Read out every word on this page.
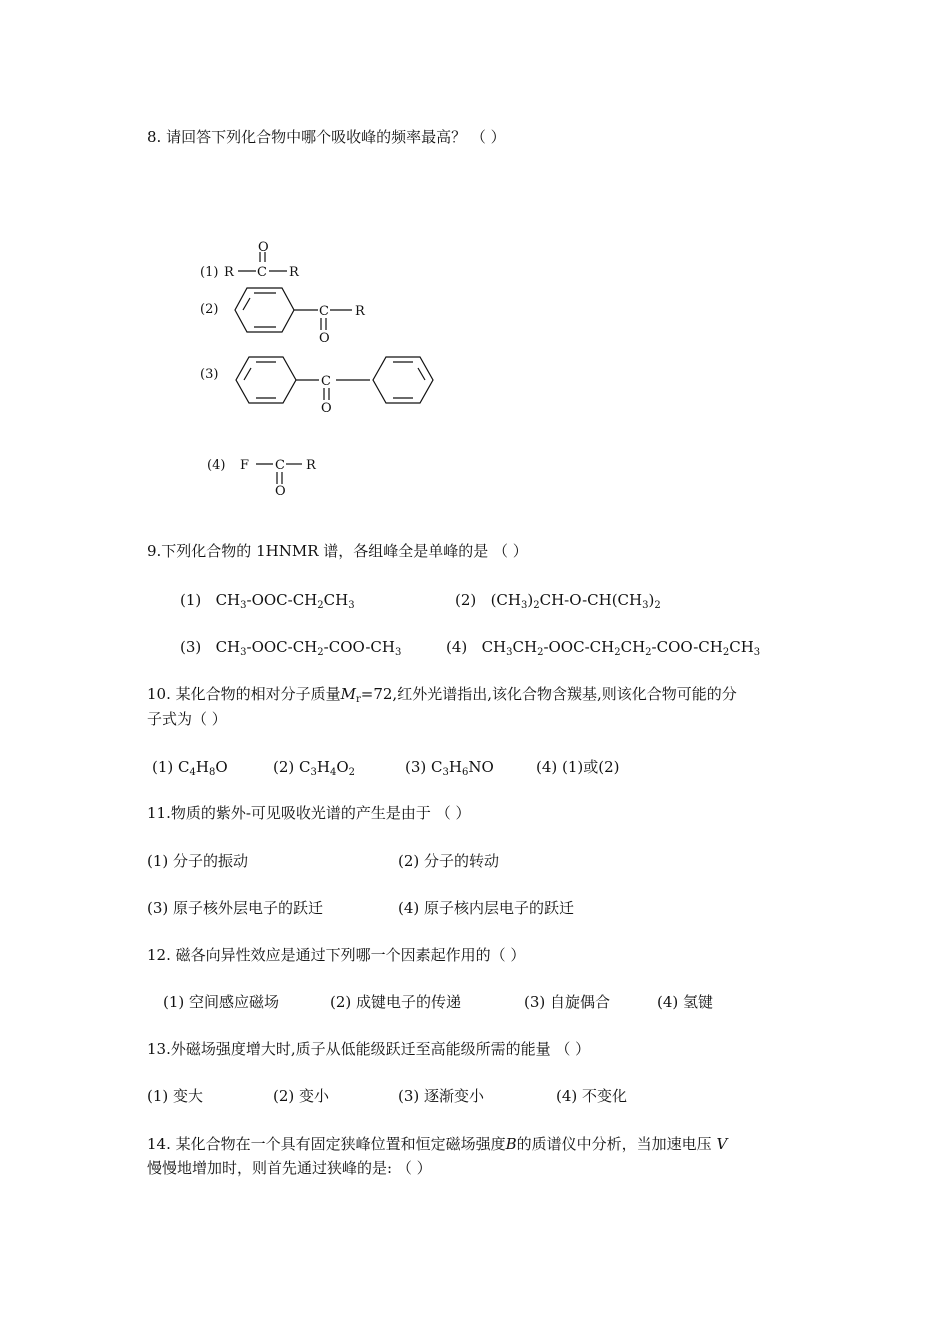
8. 请回答下列化合物中哪个吸收峰的频率最高？ （ ）
(1)
(2)
(3)
(4)
R C
O
R
C
O
R
C
O
F C
O
R
9.下列化合物的 1HNMR 谱，各组峰全是单峰的是 （ ）
(1) $CH_3-OOC-CH_2CH_3$	(2) $(CH_3)_2CH-O-CH(CH_3)_2$
(3) $CH_3-OOC-CH_2-COO-CH_3$	(4) $CH_3CH_2-OOC-CH_2CH_2-COO-CH_2CH_3$
10. 某化合物的相对分子质量$M_r=72$,红外光谱指出,该化合物含羰基,则该化合物可能的分
子式为（ ）
(1) $C_4H_8O$	(2) $C_3H_4O_2$	(3) $C_3H_6NO$	(4) (1)或(2)
11.物质的紫外-可见吸收光谱的产生是由于 （ ）
(1) 分子的振动	(2) 分子的转动
(3) 原子核外层电子的跃迁	(4) 原子核内层电子的跃迁
12. 磁各向异性效应是通过下列哪一个因素起作用的（ ）
(1) 空间感应磁场	(2) 成键电子的传递	(3) 自旋偶合	(4) 氢键
13.外磁场强度增大时,质子从低能级跃迁至高能级所需的能量 （ ）
(1) 变大	(2) 变小	(3) 逐渐变小	(4) 不变化
14. 某化合物在一个具有固定狭峰位置和恒定磁场强度B的质谱仪中分析，当加速电压 V
慢慢地增加时，则首先通过狭峰的是: （ ）
